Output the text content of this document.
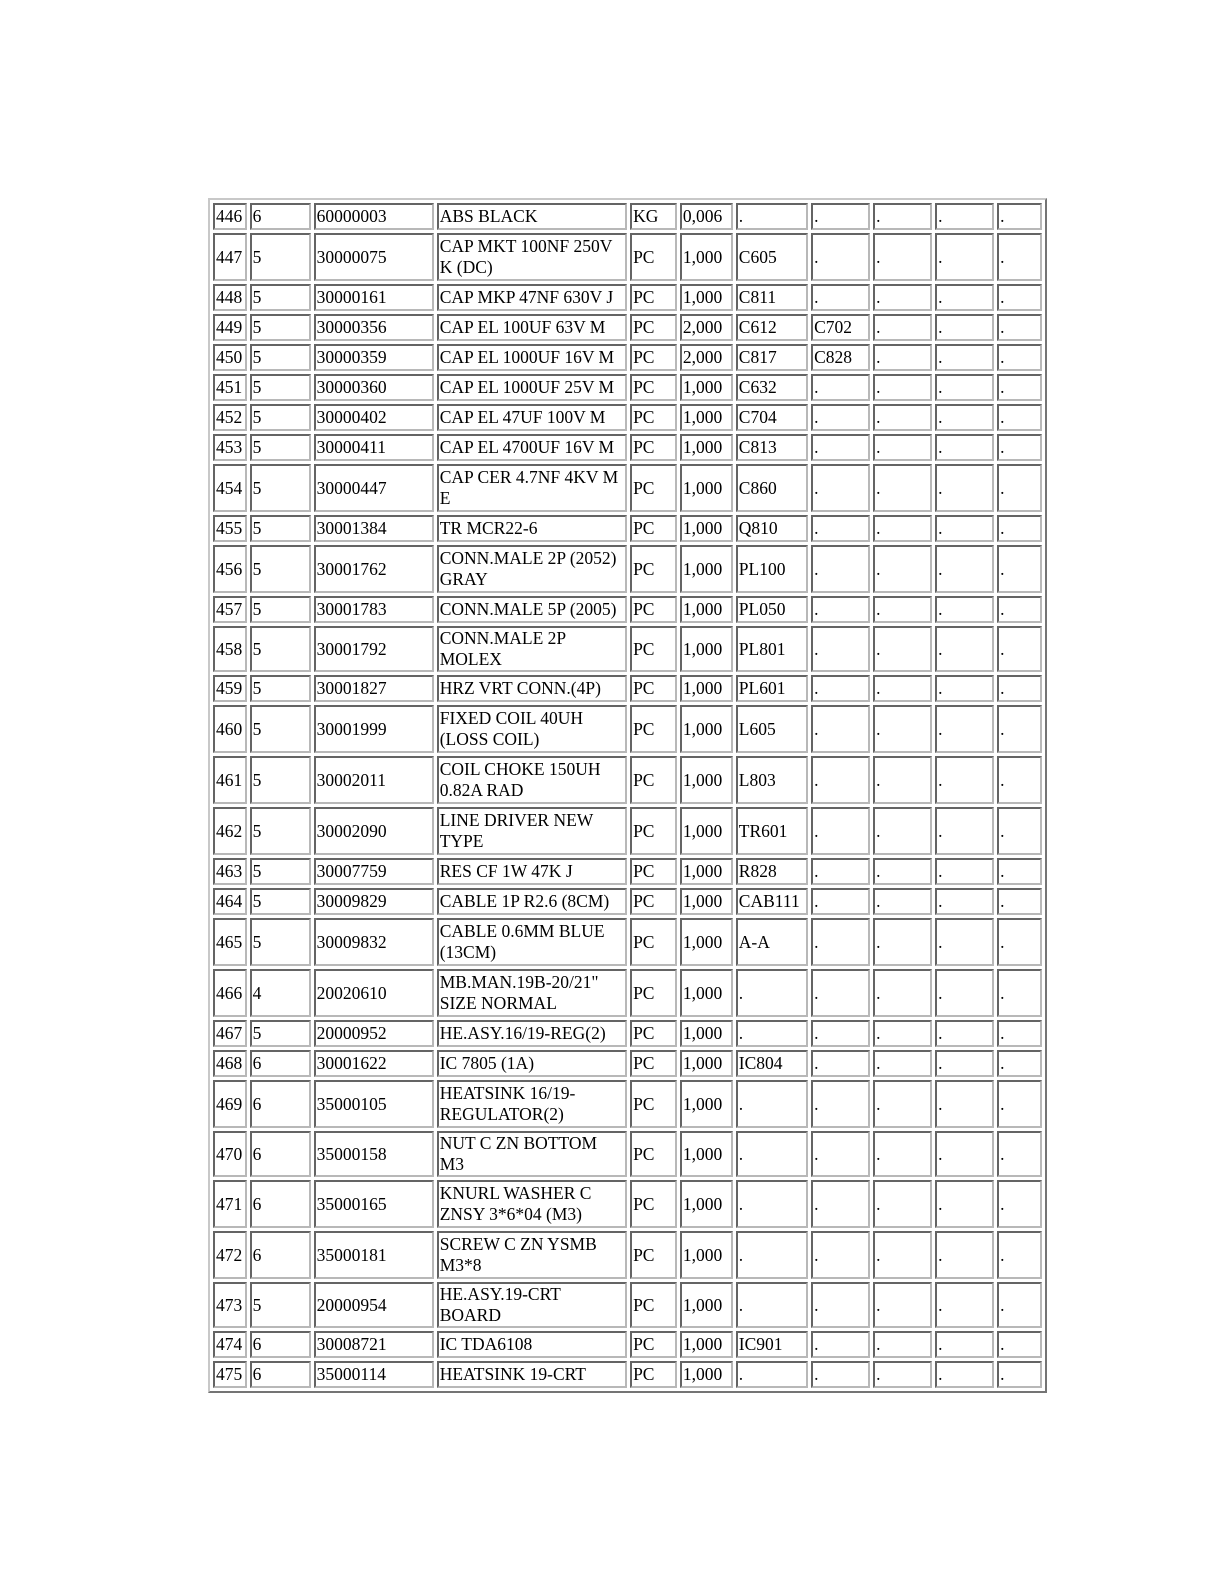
446	6	60000003	ABS BLACK	KG	0,006	.	.	.	.	.
447	5	30000075	CAP MKT 100NF 250V K (DC)	PC	1,000	C605	.	.	.	.
448	5	30000161	CAP MKP 47NF 630V J	PC	1,000	C811	.	.	.	.
449	5	30000356	CAP EL 100UF 63V M	PC	2,000	C612	C702	.	.	.
450	5	30000359	CAP EL 1000UF 16V M	PC	2,000	C817	C828	.	.	.
451	5	30000360	CAP EL 1000UF 25V M	PC	1,000	C632	.	.	.	.
452	5	30000402	CAP EL 47UF 100V M	PC	1,000	C704	.	.	.	.
453	5	30000411	CAP EL 4700UF 16V M	PC	1,000	C813	.	.	.	.
454	5	30000447	CAP CER 4.7NF 4KV M E	PC	1,000	C860	.	.	.	.
455	5	30001384	TR MCR22-6	PC	1,000	Q810	.	.	.	.
456	5	30001762	CONN.MALE 2P (2052) GRAY	PC	1,000	PL100	.	.	.	.
457	5	30001783	CONN.MALE 5P (2005)	PC	1,000	PL050	.	.	.	.
458	5	30001792	CONN.MALE 2P MOLEX	PC	1,000	PL801	.	.	.	.
459	5	30001827	HRZ VRT CONN.(4P)	PC	1,000	PL601	.	.	.	.
460	5	30001999	FIXED COIL 40UH (LOSS COIL)	PC	1,000	L605	.	.	.	.
461	5	30002011	COIL CHOKE 150UH 0.82A RAD	PC	1,000	L803	.	.	.	.
462	5	30002090	LINE DRIVER NEW TYPE	PC	1,000	TR601	.	.	.	.
463	5	30007759	RES CF 1W 47K J	PC	1,000	R828	.	.	.	.
464	5	30009829	CABLE 1P R2.6 (8CM)	PC	1,000	CAB111	.	.	.	.
465	5	30009832	CABLE 0.6MM BLUE (13CM)	PC	1,000	A-A	.	.	.	.
466	4	20020610	MB.MAN.19B-20/21" SIZE NORMAL	PC	1,000	.	.	.	.	.
467	5	20000952	HE.ASY.16/19-REG(2)	PC	1,000	.	.	.	.	.
468	6	30001622	IC 7805 (1A)	PC	1,000	IC804	.	.	.	.
469	6	35000105	HEATSINK 16/19-REGULATOR(2)	PC	1,000	.	.	.	.	.
470	6	35000158	NUT C ZN BOTTOM M3	PC	1,000	.	.	.	.	.
471	6	35000165	KNURL WASHER C ZNSY 3*6*04 (M3)	PC	1,000	.	.	.	.	.
472	6	35000181	SCREW C ZN YSMB M3*8	PC	1,000	.	.	.	.	.
473	5	20000954	HE.ASY.19-CRT BOARD	PC	1,000	.	.	.	.	.
474	6	30008721	IC TDA6108	PC	1,000	IC901	.	.	.	.
475	6	35000114	HEATSINK 19-CRT	PC	1,000	.	.	.	.	.
